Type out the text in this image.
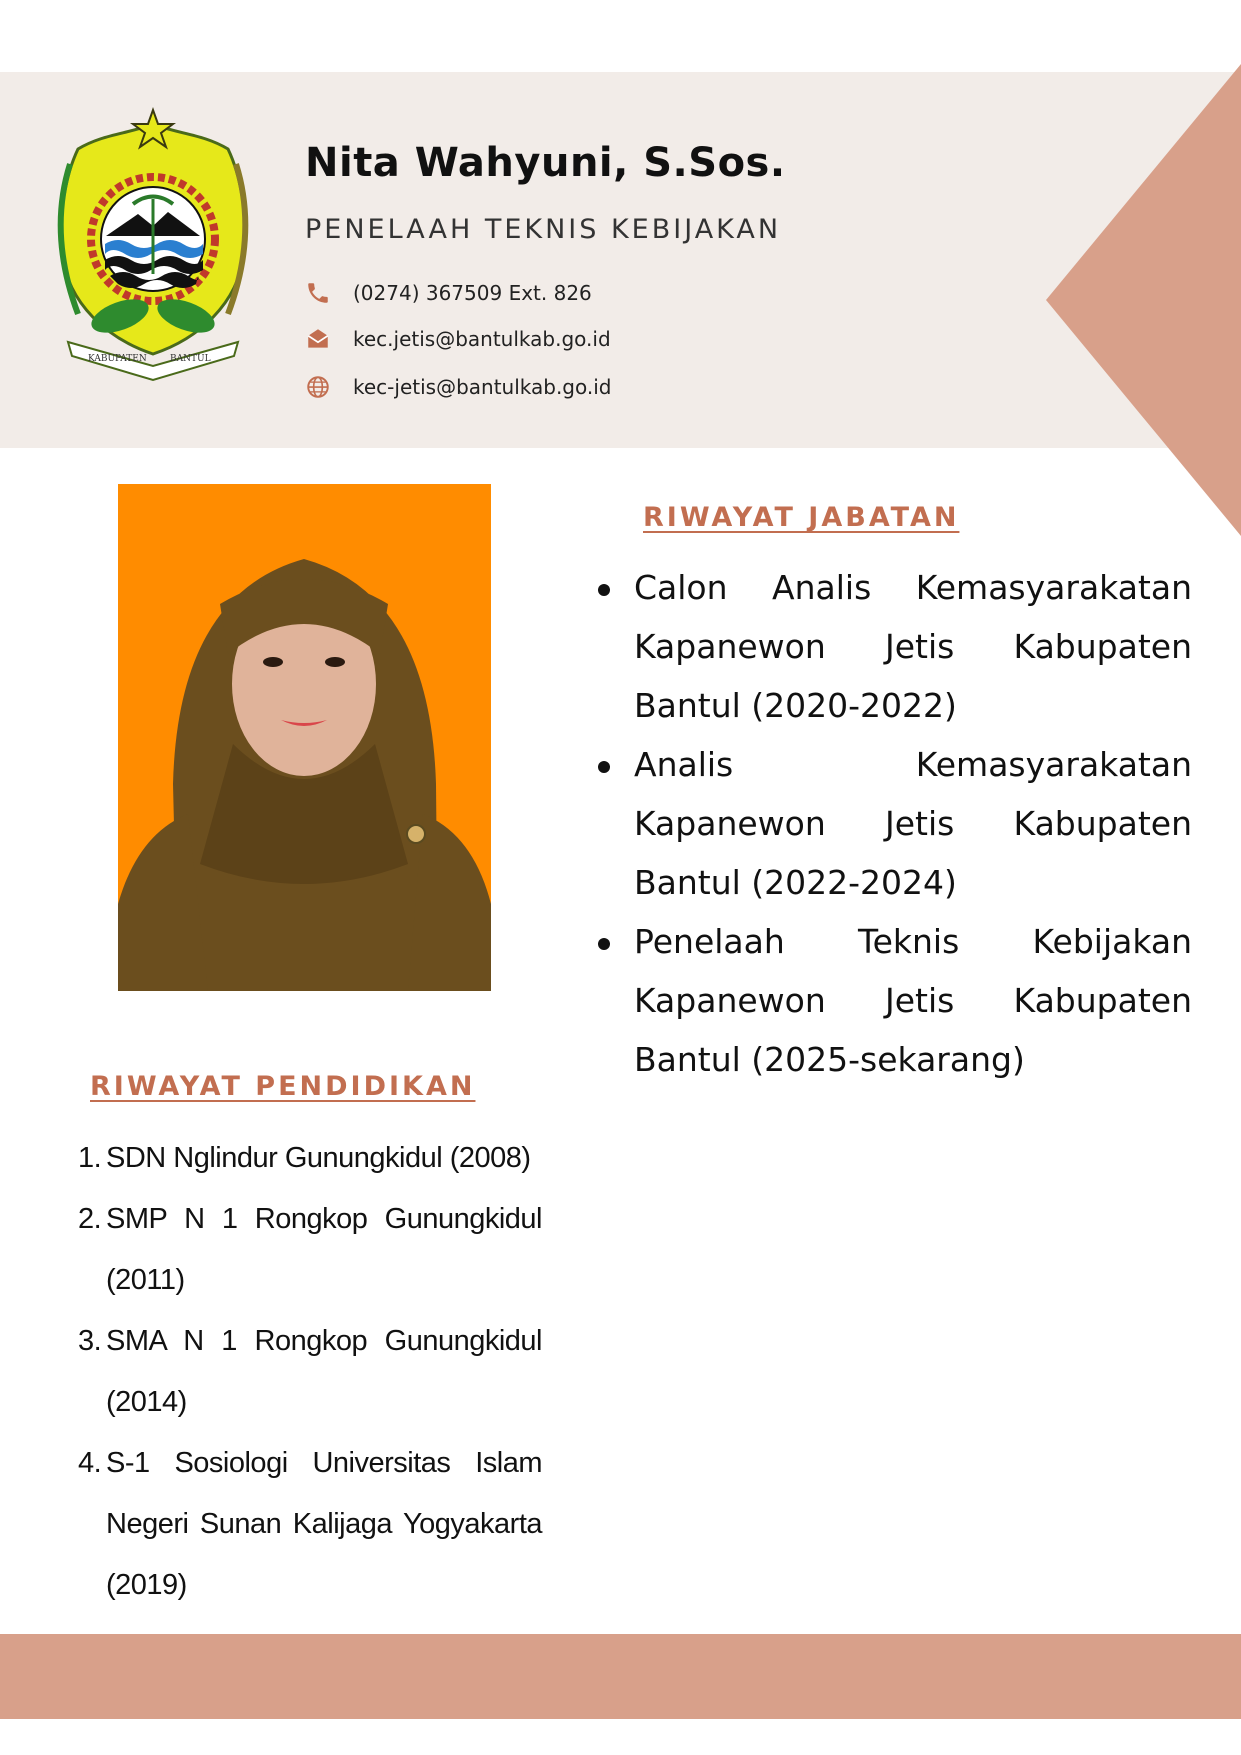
KABUPATEN	BANTUL
Nita Wahyuni, S.Sos.
PENELAAH TEKNIS KEBIJAKAN
(0274) 367509 Ext. 826
kec.jetis@bantulkab.go.id
kec-jetis@bantulkab.go.id
RIWAYAT JABATAN
Calon Analis Kemasyarakatan Kapanewon Jetis Kabupaten Bantul (2020-2022)
Analis Kemasyarakatan Kapanewon Jetis Kabupaten Bantul (2022-2024)
Penelaah Teknis Kebijakan Kapanewon Jetis Kabupaten Bantul (2025-sekarang)
RIWAYAT PENDIDIKAN
1. SDN Nglindur Gunungkidul (2008)
2. SMP N 1 Rongkop Gunungkidul (2011)
3. SMA N 1 Rongkop Gunungkidul (2014)
4. S-1 Sosiologi Universitas Islam Negeri Sunan Kalijaga Yogyakarta (2019)
